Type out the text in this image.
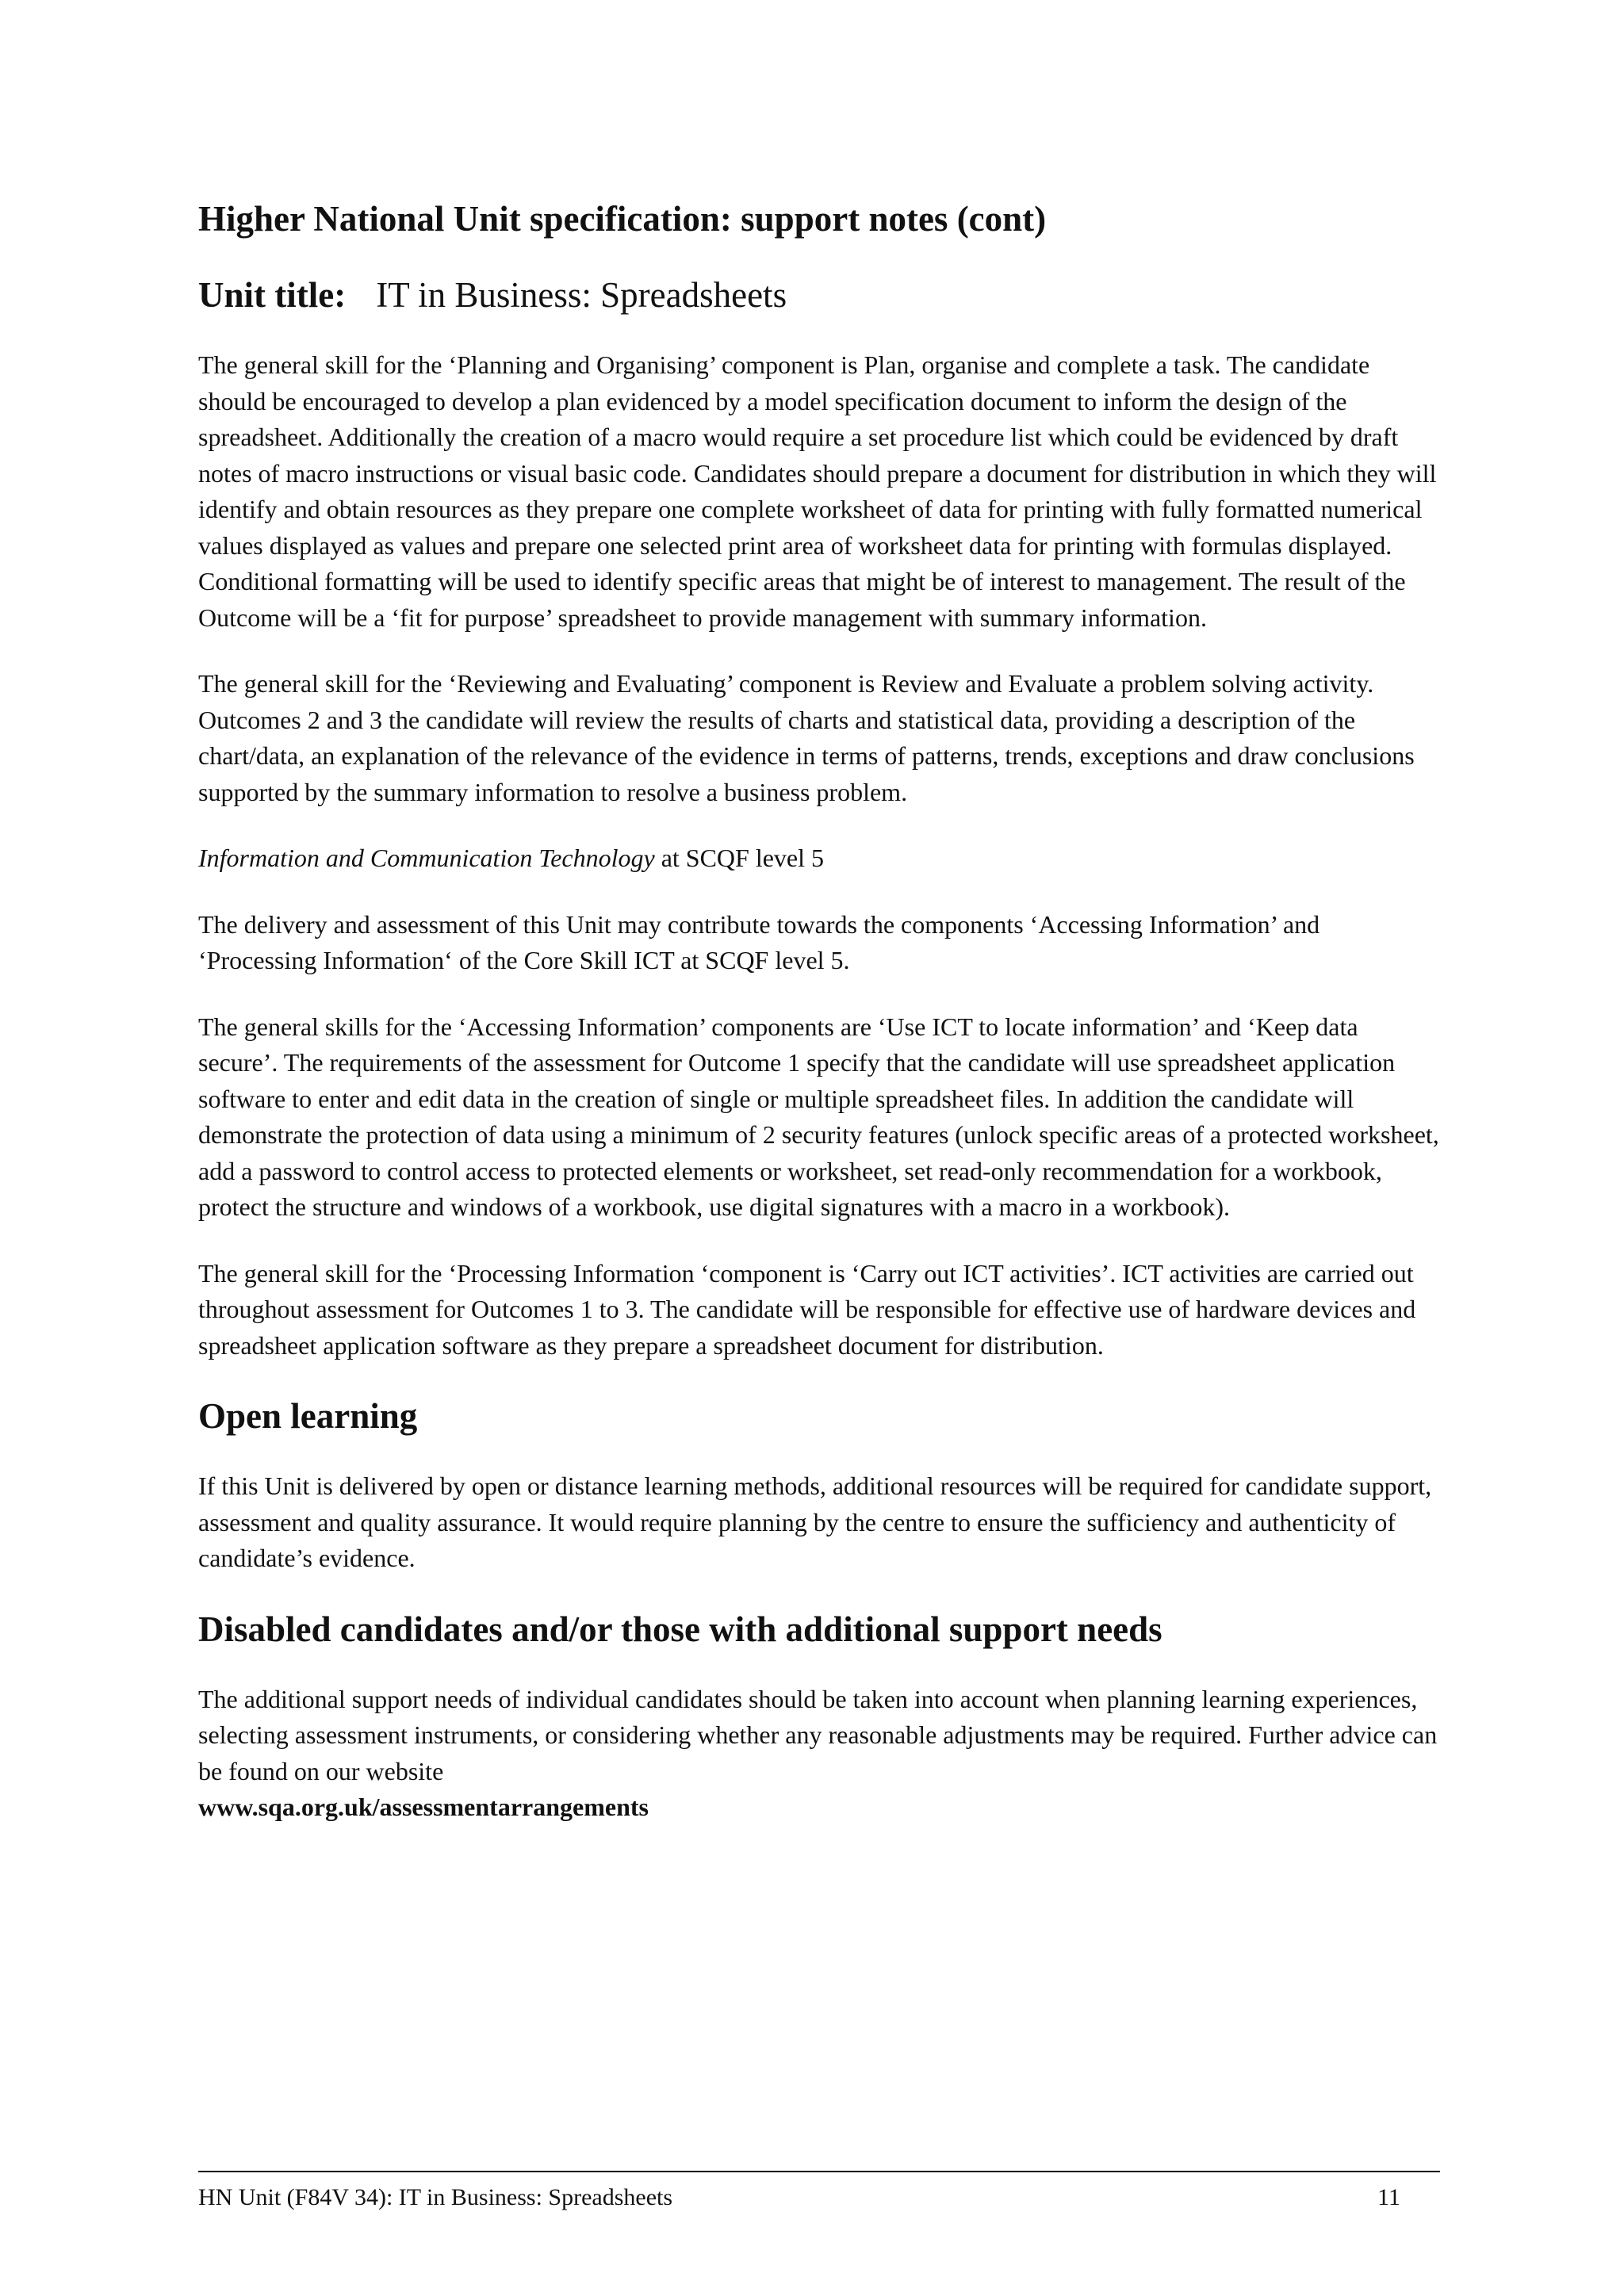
Higher National Unit specification: support notes (cont)
Unit title: IT in Business: Spreadsheets

The general skill for the ‘Planning and Organising’ component is Plan, organise and complete a task. The candidate should be encouraged to develop a plan evidenced by a model specification document to inform the design of the spreadsheet. Additionally the creation of a macro would require a set procedure list which could be evidenced by draft notes of macro instructions or visual basic code. Candidates should prepare a document for distribution in which they will identify and obtain resources as they prepare one complete worksheet of data for printing with fully formatted numerical values displayed as values and prepare one selected print area of worksheet data for printing with formulas displayed. Conditional formatting will be used to identify specific areas that might be of interest to management. The result of the Outcome will be a ‘fit for purpose’ spreadsheet to provide management with summary information.

The general skill for the ‘Reviewing and Evaluating’ component is Review and Evaluate a problem solving activity. Outcomes 2 and 3 the candidate will review the results of charts and statistical data, providing a description of the chart/data, an explanation of the relevance of the evidence in terms of patterns, trends, exceptions and draw conclusions supported by the summary information to resolve a business problem.

Information and Communication Technology at SCQF level 5

The delivery and assessment of this Unit may contribute towards the components ‘Accessing Information’ and ‘Processing Information‘ of the Core Skill ICT at SCQF level 5.

The general skills for the ‘Accessing Information’ components are ‘Use ICT to locate information’ and ‘Keep data secure’. The requirements of the assessment for Outcome 1 specify that the candidate will use spreadsheet application software to enter and edit data in the creation of single or multiple spreadsheet files. In addition the candidate will demonstrate the protection of data using a minimum of 2 security features (unlock specific areas of a protected worksheet, add a password to control access to protected elements or worksheet, set read-only recommendation for a workbook, protect the structure and windows of a workbook, use digital signatures with a macro in a workbook).

The general skill for the ‘Processing Information ‘component is ‘Carry out ICT activities’. ICT activities are carried out throughout assessment for Outcomes 1 to 3. The candidate will be responsible for effective use of hardware devices and spreadsheet application software as they prepare a spreadsheet document for distribution.

Open learning

If this Unit is delivered by open or distance learning methods, additional resources will be required for candidate support, assessment and quality assurance. It would require planning by the centre to ensure the sufficiency and authenticity of candidate’s evidence.

Disabled candidates and/or those with additional support needs

The additional support needs of individual candidates should be taken into account when planning learning experiences, selecting assessment instruments, or considering whether any reasonable adjustments may be required. Further advice can be found on our website
www.sqa.org.uk/assessmentarrangements

HN Unit (F84V 34): IT in Business: Spreadsheets	11
